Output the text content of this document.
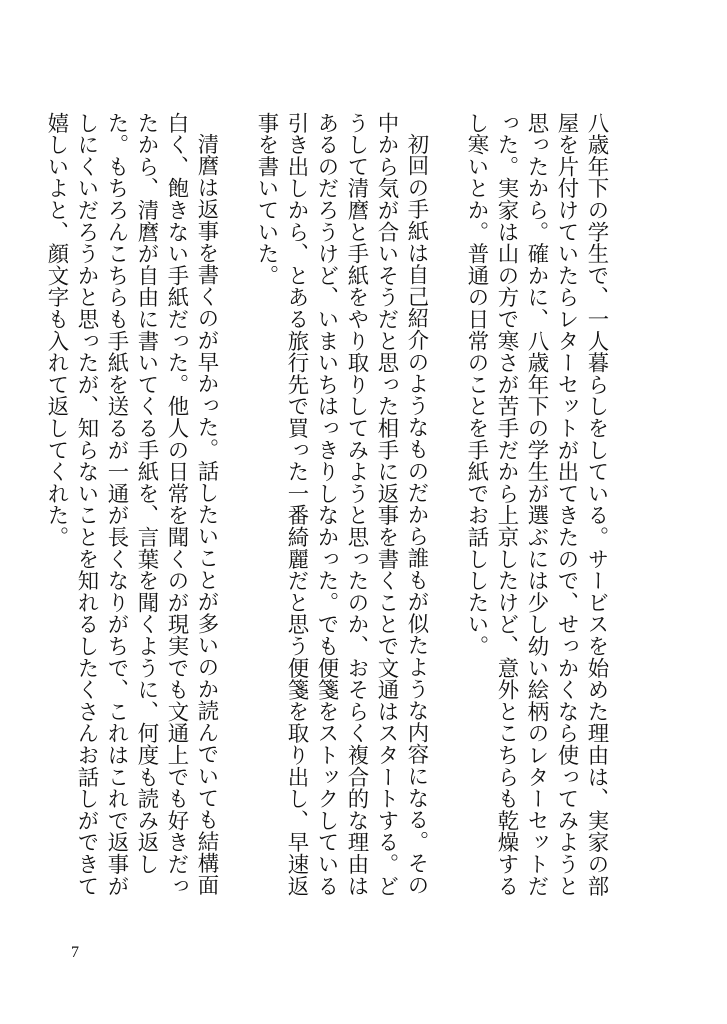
八歳年下の学生で、一人暮らしをしている。サービスを始めた理由は、実家の部屋を片付けていたらレターセットが出てきたので、せっかくなら使ってみようと思ったから。確かに、八歳年下の学生が選ぶには少し幼い絵柄のレターセットだった。実家は山の方で寒さが苦手だから上京したけど、意外とこちらも乾燥するし寒いとか。普通の日常のことを手紙でお話ししたい。

初回の手紙は自己紹介のようなものだから誰もが似たような内容になる。その中から気が合いそうだと思った相手に返事を書くことで文通はスタートする。どうして清麿と手紙をやり取りしてみようと思ったのか、おそらく複合的な理由はあるのだろうけど、いまいちはっきりしなかった。でも便箋をストックしている引き出しから、とある旅行先で買った一番綺麗だと思う便箋を取り出し、早速返事を書いていた。

清麿は返事を書くのが早かった。話したいことが多いのか読んでいても結構面白く、飽きない手紙だった。他人の日常を聞くのが現実でも文通上でも好きだったから、清麿が自由に書いてくる手紙を、言葉を聞くように、何度も読み返した。もちろんこちらも手紙を送るが一通が長くなりがちで、これはこれで返事がしにくいだろうかと思ったが、知らないことを知れるしたくさんお話しができて嬉しいよと、顔文字も入れて返してくれた。

7
